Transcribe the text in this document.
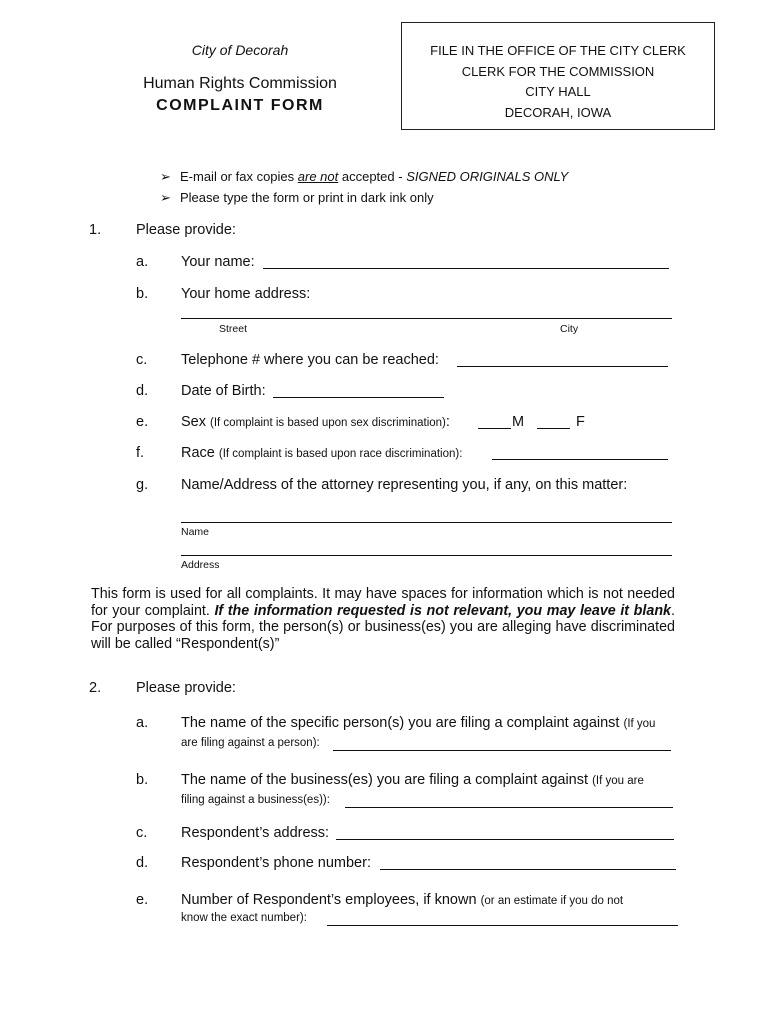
City of Decorah
Human Rights Commission
COMPLAINT FORM
FILE IN THE OFFICE OF THE CITY CLERK
CLERK FOR THE COMMISSION
CITY HALL
DECORAH, IOWA
➢ E-mail or fax copies are not accepted - SIGNED ORIGINALS ONLY
➢ Please type the form or print in dark ink only
1. Please provide:
a. Your name:
b. Your home address:
Street	City
c. Telephone # where you can be reached:
d. Date of Birth:
e. Sex (If complaint is based upon sex discrimination):	M	F
f.	Race (If complaint is based upon race discrimination):
g. Name/Address of the attorney representing you, if any, on this matter:
Name
Address
This form is used for all complaints. It may have spaces for information which is not needed for your complaint. If the information requested is not relevant, you may leave it blank. For purposes of this form, the person(s) or business(es) you are alleging have discriminated will be called “Respondent(s)”
2. Please provide:
a. The name of the specific person(s) you are filing a complaint against (If you
are filing against a person):
b. The name of the business(es) you are filing a complaint against (If you are
filing against a business(es)):
c. Respondent’s address:
d. Respondent’s phone number:
e. Number of Respondent’s employees, if known (or an estimate if you do not
know the exact number):
